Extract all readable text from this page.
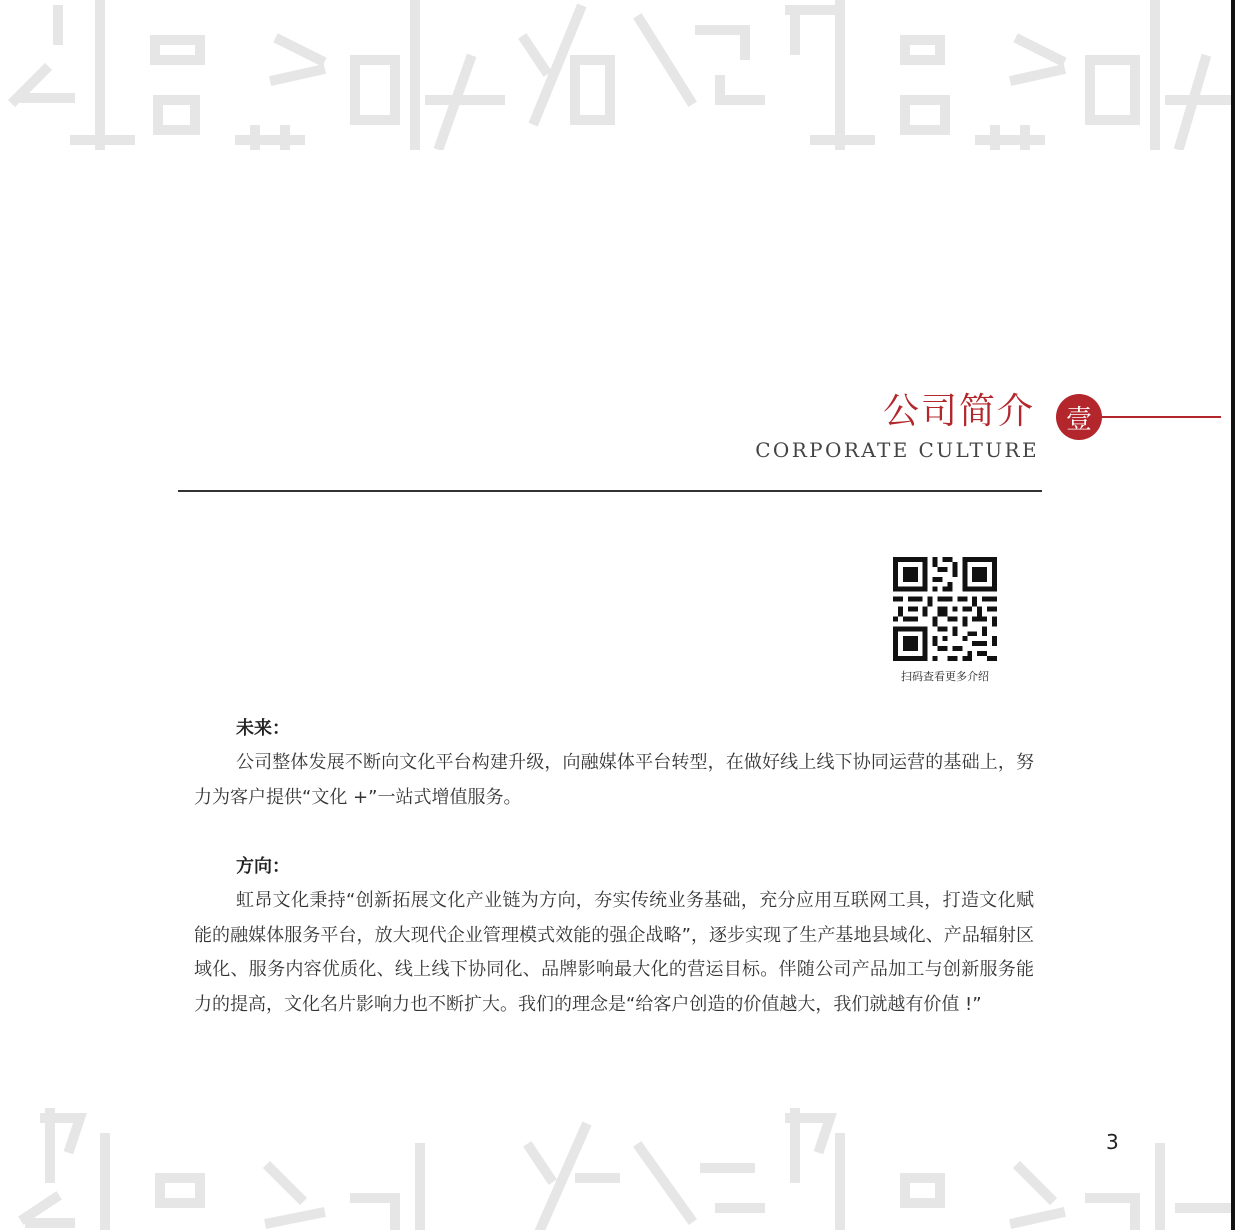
公司简介
CORPORATE CULTURE
壹
扫码查看更多介绍
未来：

公司整体发展不断向文化平台构建升级，向融媒体平台转型，在做好线上线下协同运营的基础上，努力为客户提供“文化 +”一站式增值服务。

方向：

虹昂文化秉持“创新拓展文化产业链为方向，夯实传统业务基础，充分应用互联网工具，打造文化赋能的融媒体服务平台，放大现代企业管理模式效能的强企战略”，逐步实现了生产基地县域化、产品辐射区域化、服务内容优质化、线上线下协同化、品牌影响最大化的营运目标。伴随公司产品加工与创新服务能力的提高，文化名片影响力也不断扩大。我们的理念是“给客户创造的价值越大，我们就越有价值 !”

3
